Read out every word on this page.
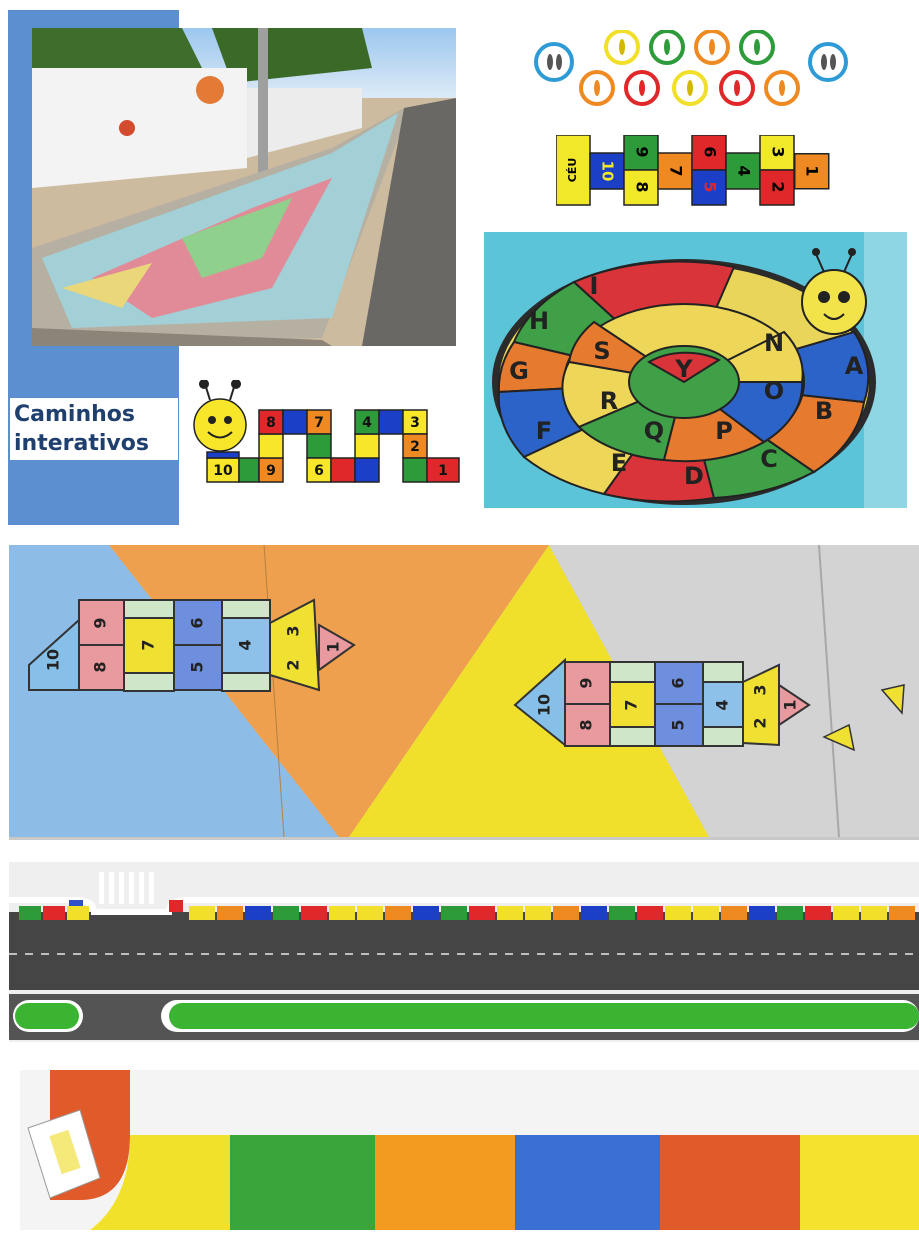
CÉU 10
9
8
7
6
5
4
3
2
1
A
B
C
D
E
F
G
H
I
S
R
Q P
O
N
Y
Caminhos
interativos
10 9
8	7
6	5
4	3
2
1
10
9
8
7
6
5
4
3
2
1
10
9
8
7
6
5
4
3
2
1
